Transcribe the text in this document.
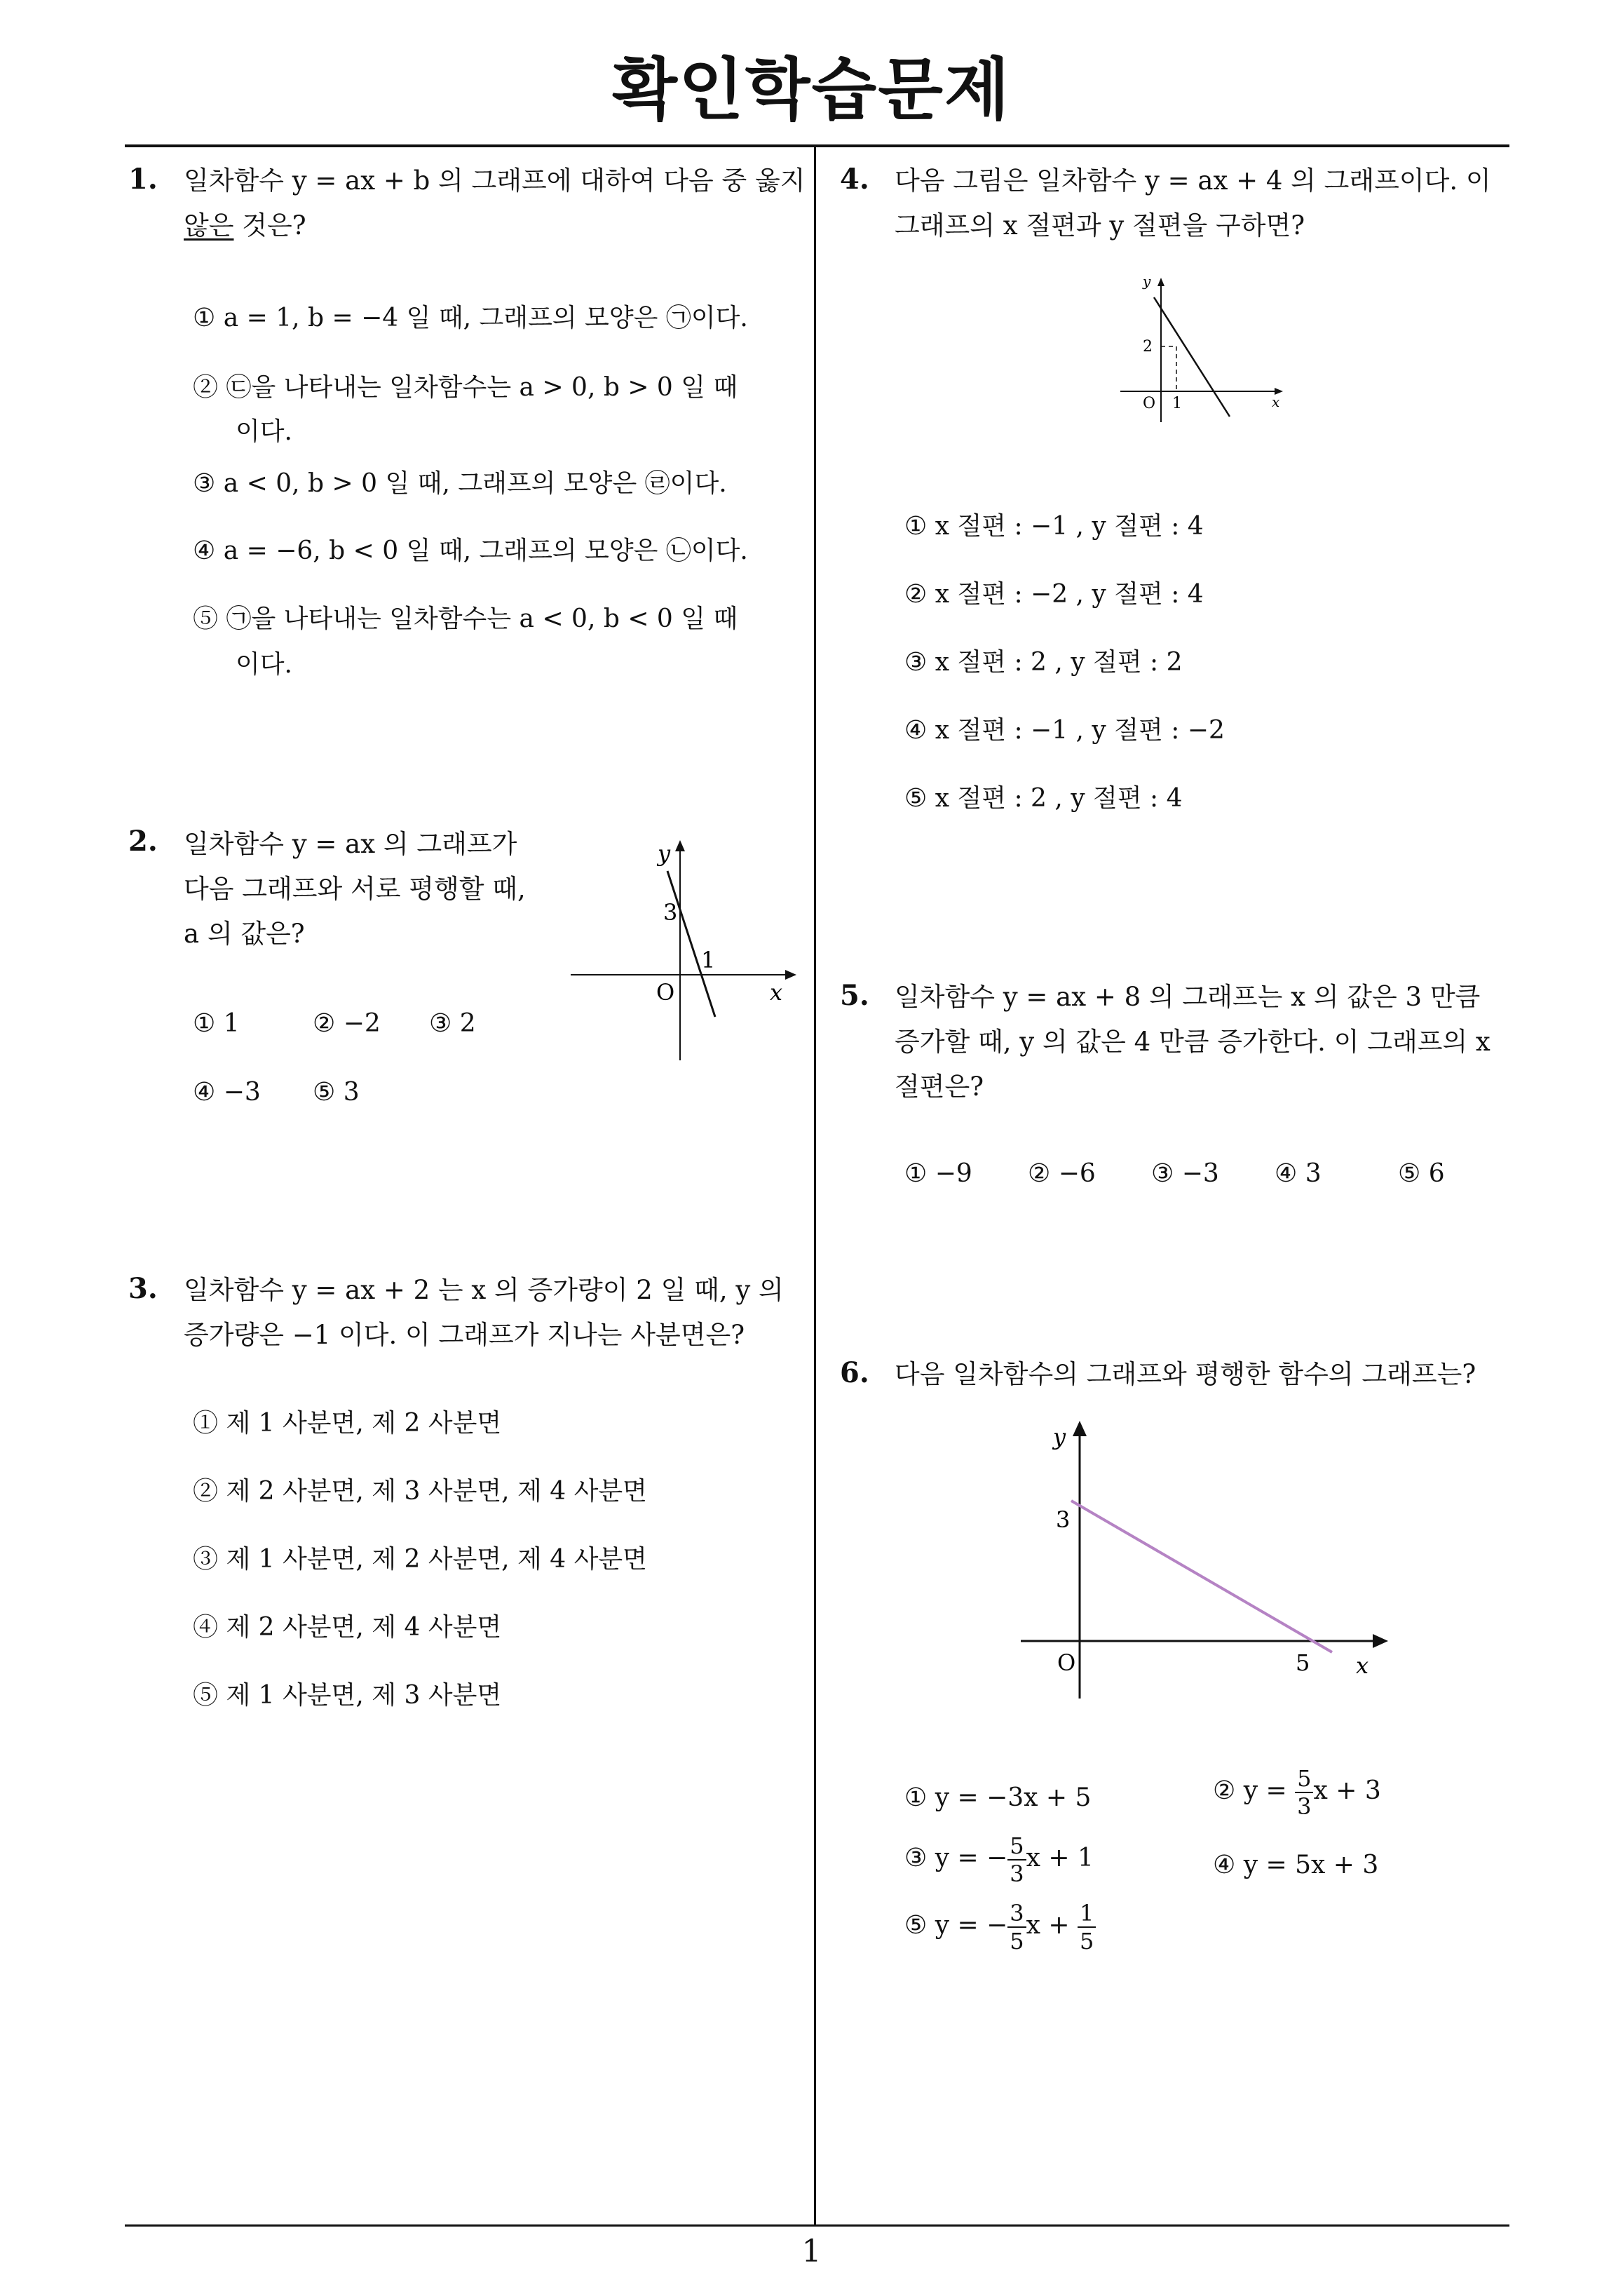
확인학습문제
1. 일차함수 y = ax + b 의 그래프에 대하여 다음 중 옳지
않은 것은?
① a = 1, b = −4 일 때, 그래프의 모양은 ㉠이다.
② ㉢을 나타내는 일차함수는 a > 0, b > 0 일 때
이다.
③ a < 0, b > 0 일 때, 그래프의 모양은 ㉣이다.
④ a = −6, b < 0 일 때, 그래프의 모양은 ㉡이다.
⑤ ㉠을 나타내는 일차함수는 a < 0, b < 0 일 때
이다.
2. 일차함수 y = ax 의 그래프가
다음 그래프와 서로 평행할 때,
a 의 값은?
y
3
1
O	x
① 1	② −2 ③ 2
④ −3 ⑤ 3
3. 일차함수 y = ax + 2 는 x 의 증가량이 2 일 때, y 의
증가량은 −1 이다. 이 그래프가 지나는 사분면은?
① 제 1 사분면, 제 2 사분면
② 제 2 사분면, 제 3 사분면, 제 4 사분면
③ 제 1 사분면, 제 2 사분면, 제 4 사분면
④ 제 2 사분면, 제 4 사분면
⑤ 제 1 사분면, 제 3 사분면
4. 다음 그림은 일차함수 y = ax + 4 의 그래프이다. 이
그래프의 x 절편과 y 절편을 구하면?
y
2
O 1	x
① x 절편 : −1 , y 절편 : 4
② x 절편 : −2 , y 절편 : 4
③ x 절편 : 2 , y 절편 : 2
④ x 절편 : −1 , y 절편 : −2
⑤ x 절편 : 2 , y 절편 : 4
5. 일차함수 y = ax + 8 의 그래프는 x 의 값은 3 만큼
증가할 때, y 의 값은 4 만큼 증가한다. 이 그래프의 x
절편은?
① −9 ② −6 ③ −3 ④ 3	⑤ 6
6. 다음 일차함수의 그래프와 평행한 함수의 그래프는?
y
3
O	5 x
① y = −3x + 5	② $y = \frac{5}{3}$ x + 3
③ y = − $\frac{5}{3}$ x + 1	④ y = 5x + 3
⑤ y = − $\frac{3}{5}$ $x + \frac{1}{5}$
1
